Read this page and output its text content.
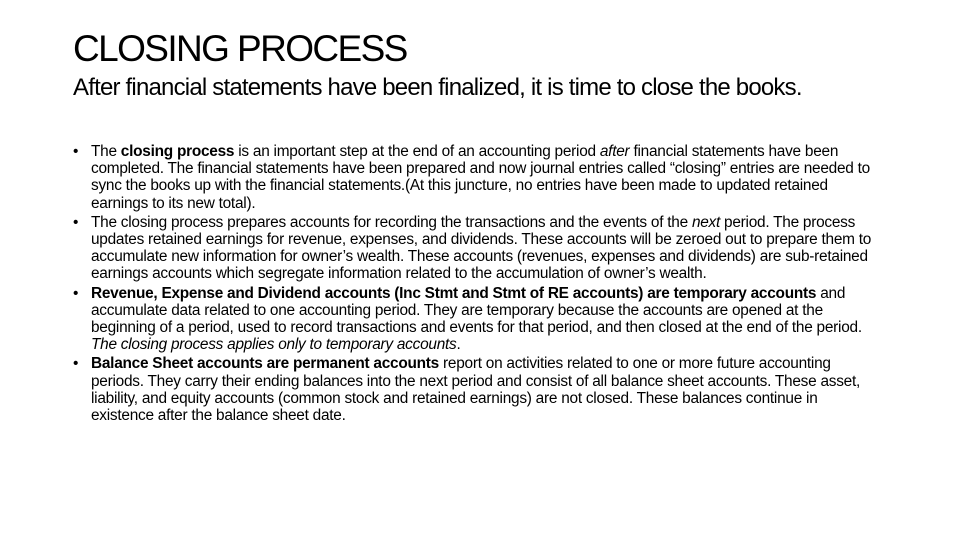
CLOSING PROCESS
After financial statements have been finalized, it is time to close the books.
• The closing process is an important step at the end of an accounting period after financial statements have been completed. The financial statements have been prepared and now journal entries called “closing” entries are needed to sync the books up with the financial statements.(At this juncture, no entries have been made to updated retained earnings to its new total).
• The closing process prepares accounts for recording the transactions and the events of the next period. The process updates retained earnings for revenue, expenses, and dividends. These accounts will be zeroed out to prepare them to accumulate new information for owner’s wealth. These accounts (revenues, expenses and dividends) are sub-retained earnings accounts which segregate information related to the accumulation of owner’s wealth.
• Revenue, Expense and Dividend accounts (Inc Stmt and Stmt of RE accounts) are temporary accounts and accumulate data related to one accounting period. They are temporary because the accounts are opened at the beginning of a period, used to record transactions and events for that period, and then closed at the end of the period. The closing process applies only to temporary accounts.
• Balance Sheet accounts are permanent accounts report on activities related to one or more future accounting periods. They carry their ending balances into the next period and consist of all balance sheet accounts. These asset, liability, and equity accounts (common stock and retained earnings) are not closed. These balances continue in existence after the balance sheet date.
